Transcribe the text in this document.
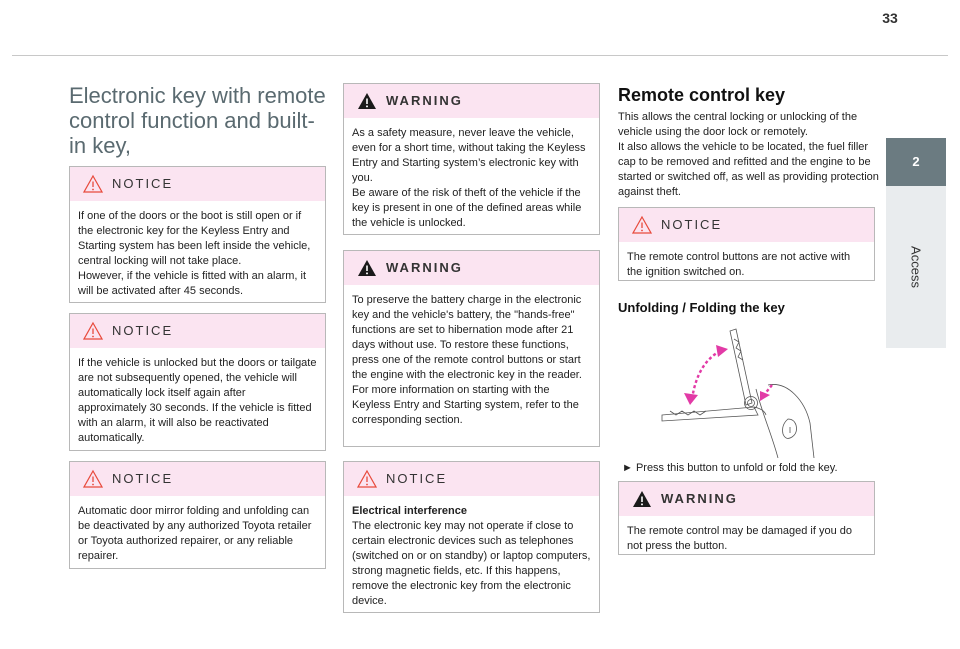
33
2
Access
Electronic key with remote control function and built-in key,
NOTICE
If one of the doors or the boot is still open or if the electronic key for the Keyless Entry and Starting system has been left inside the vehicle, central locking will not take place.
However, if the vehicle is fitted with an alarm, it will be activated after 45 seconds.
NOTICE
If the vehicle is unlocked but the doors or tailgate are not subsequently opened, the vehicle will automatically lock itself again after approximately 30 seconds. If the vehicle is fitted with an alarm, it will also be reactivated automatically.
NOTICE
Automatic door mirror folding and unfolding can be deactivated by any authorized Toyota retailer or Toyota authorized repairer, or any reliable repairer.
WARNING
As a safety measure, never leave the vehicle, even for a short time, without taking the Keyless Entry and Starting system’s electronic key with you.
Be aware of the risk of theft of the vehicle if the key is present in one of the defined areas while the vehicle is unlocked.
WARNING
To preserve the battery charge in the electronic key and the vehicle's battery, the "hands-free" functions are set to hibernation mode after 21 days without use. To restore these functions, press one of the remote control buttons or start the engine with the electronic key in the reader.
For more information on starting with the Keyless Entry and Starting system, refer to the corresponding section.
NOTICE
Electrical interference
The electronic key may not operate if close to certain electronic devices such as telephones (switched on or on standby) or laptop computers, strong magnetic fields, etc. If this happens, remove the electronic key from the electronic device.
Remote control key

This allows the central locking or unlocking of the vehicle using the door lock or remotely.
It also allows the vehicle to be located, the fuel filler cap to be removed and refitted and the engine to be started or switched off, as well as providing protection against theft.

NOTICE
The remote control buttons are not active with the ignition switched on.
Unfolding / Folding the key

► Press this button to unfold or fold the key.

WARNING
The remote control may be damaged if you do not press the button.
